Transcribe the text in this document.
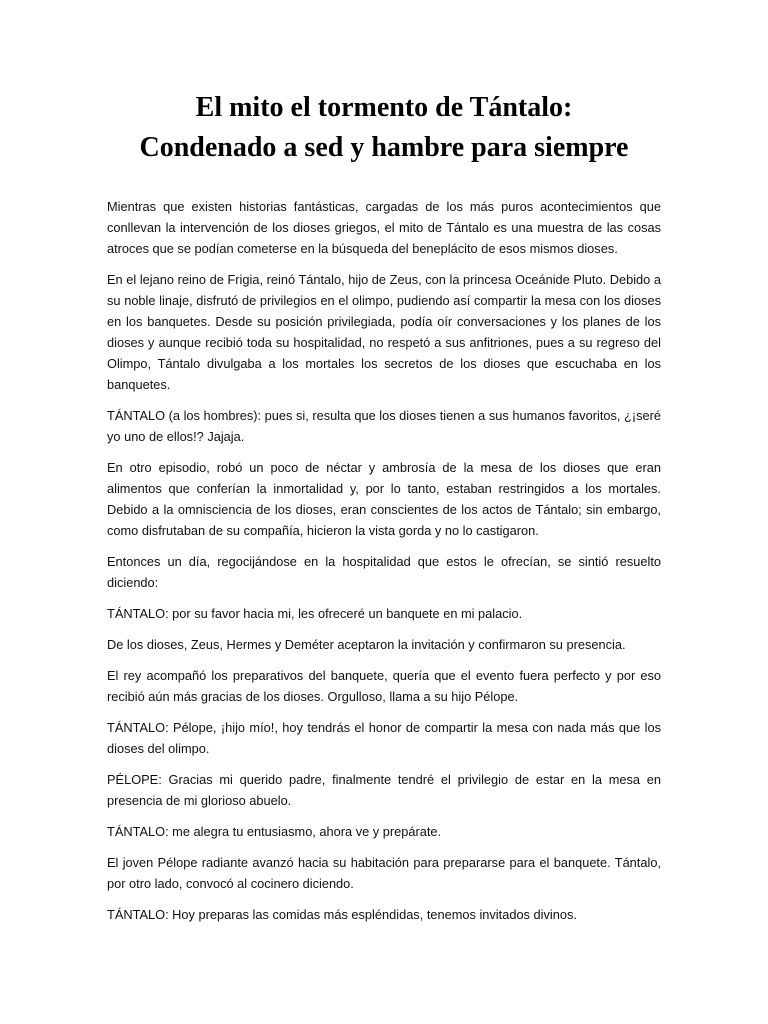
El mito el tormento de Tántalo:
Condenado a sed y hambre para siempre

Mientras que existen historias fantásticas, cargadas de los más puros acontecimientos que conllevan la intervención de los dioses griegos, el mito de Tántalo es una muestra de las cosas atroces que se podían cometerse en la búsqueda del beneplácito de esos mismos dioses.

En el lejano reino de Frigia, reinó Tántalo, hijo de Zeus, con la princesa Oceánide Pluto. Debido a su noble linaje, disfrutó de privilegios en el olimpo, pudiendo así compartir la mesa con los dioses en los banquetes. Desde su posición privilegiada, podía oír conversaciones y los planes de los dioses y aunque recibió toda su hospitalidad, no respetó a sus anfitriones, pues a su regreso del Olimpo, Tántalo divulgaba a los mortales los secretos de los dioses que escuchaba en los banquetes.

TÁNTALO (a los hombres): pues si, resulta que los dioses tienen a sus humanos favoritos, ¿¡seré yo uno de ellos!? Jajaja.

En otro episodio, robó un poco de néctar y ambrosía de la mesa de los dioses que eran alimentos que conferían la inmortalidad y, por lo tanto, estaban restringidos a los mortales. Debido a la omnisciencia de los dioses, eran conscientes de los actos de Tántalo; sin embargo, como disfrutaban de su compañía, hicieron la vista gorda y no lo castigaron.

Entonces un día, regocijándose en la hospitalidad que estos le ofrecían, se sintió resuelto diciendo:

TÁNTALO: por su favor hacia mi, les ofreceré un banquete en mi palacio.

De los dioses, Zeus, Hermes y Deméter aceptaron la invitación y confirmaron su presencia.

El rey acompañó los preparativos del banquete, quería que el evento fuera perfecto y por eso recibió aún más gracias de los dioses. Orgulloso, llama a su hijo Pélope.

TÁNTALO: Pélope, ¡hijo mío!, hoy tendrás el honor de compartir la mesa con nada más que los dioses del olimpo.

PÉLOPE: Gracias mi querido padre, finalmente tendré el privilegio de estar en la mesa en presencia de mi glorioso abuelo.

TÁNTALO: me alegra tu entusiasmo, ahora ve y prepárate.

El joven Pélope radiante avanzó hacia su habitación para prepararse para el banquete. Tántalo, por otro lado, convocó al cocinero diciendo.

TÁNTALO: Hoy preparas las comidas más espléndidas, tenemos invitados divinos.
